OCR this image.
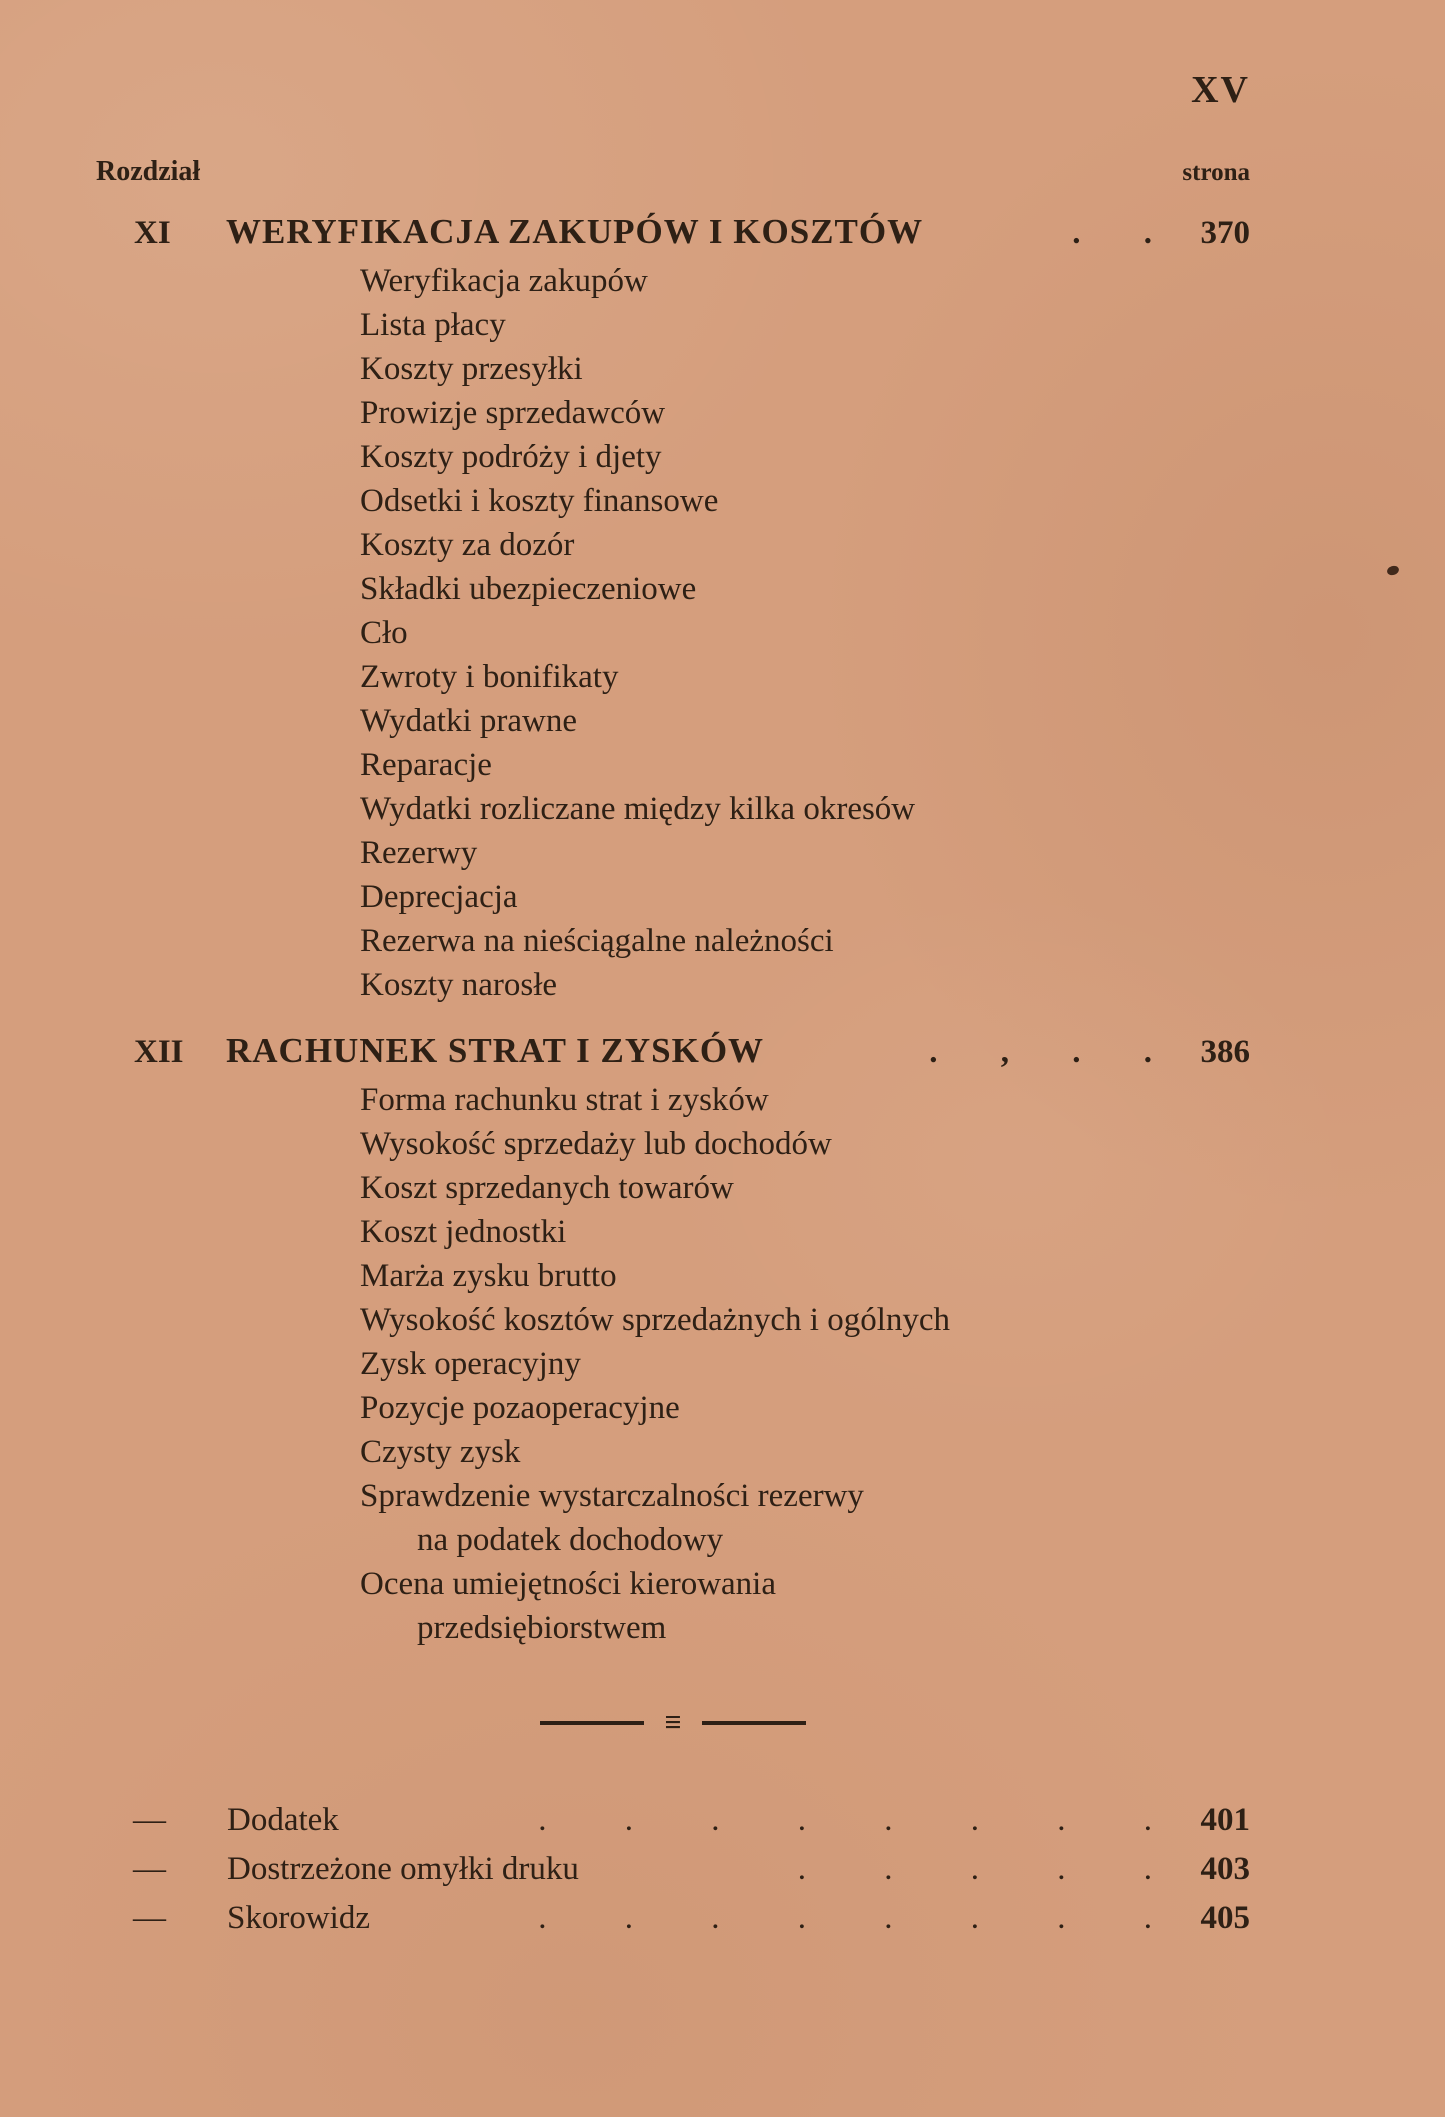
XV
Rozdział	strona
XI	WERYFIKACJA ZAKUPÓW I KOSZTÓW	. .	370
Weryfikacja zakupów
Lista płacy
Koszty przesyłki
Prowizje sprzedawców
Koszty podróży i djety
Odsetki i koszty finansowe
Koszty za dozór
Składki ubezpieczeniowe
Cło
Zwroty i bonifikaty
Wydatki prawne
Reparacje
Wydatki rozliczane między kilka okresów
Rezerwy
Deprecjacja
Rezerwa na nieściągalne należności
Koszty narosłe
XII	RACHUNEK STRAT I ZYSKÓW	. , . .	386
Forma rachunku strat i zysków
Wysokość sprzedaży lub dochodów
Koszt sprzedanych towarów
Koszt jednostki
Marża zysku brutto
Wysokość kosztów sprzedażnych i ogólnych
Zysk operacyjny
Pozycje pozaoperacyjne
Czysty zysk
Sprawdzenie wystarczalności rezerwy
na podatek dochodowy
Ocena umiejętności kierowania
przedsiębiorstwem
≡
—	Dodatek	. . . . . . . .	401
—	Dostrzeżone omyłki druku	. . . . .	403
—	Skorowidz	. . . . . . . .	405
